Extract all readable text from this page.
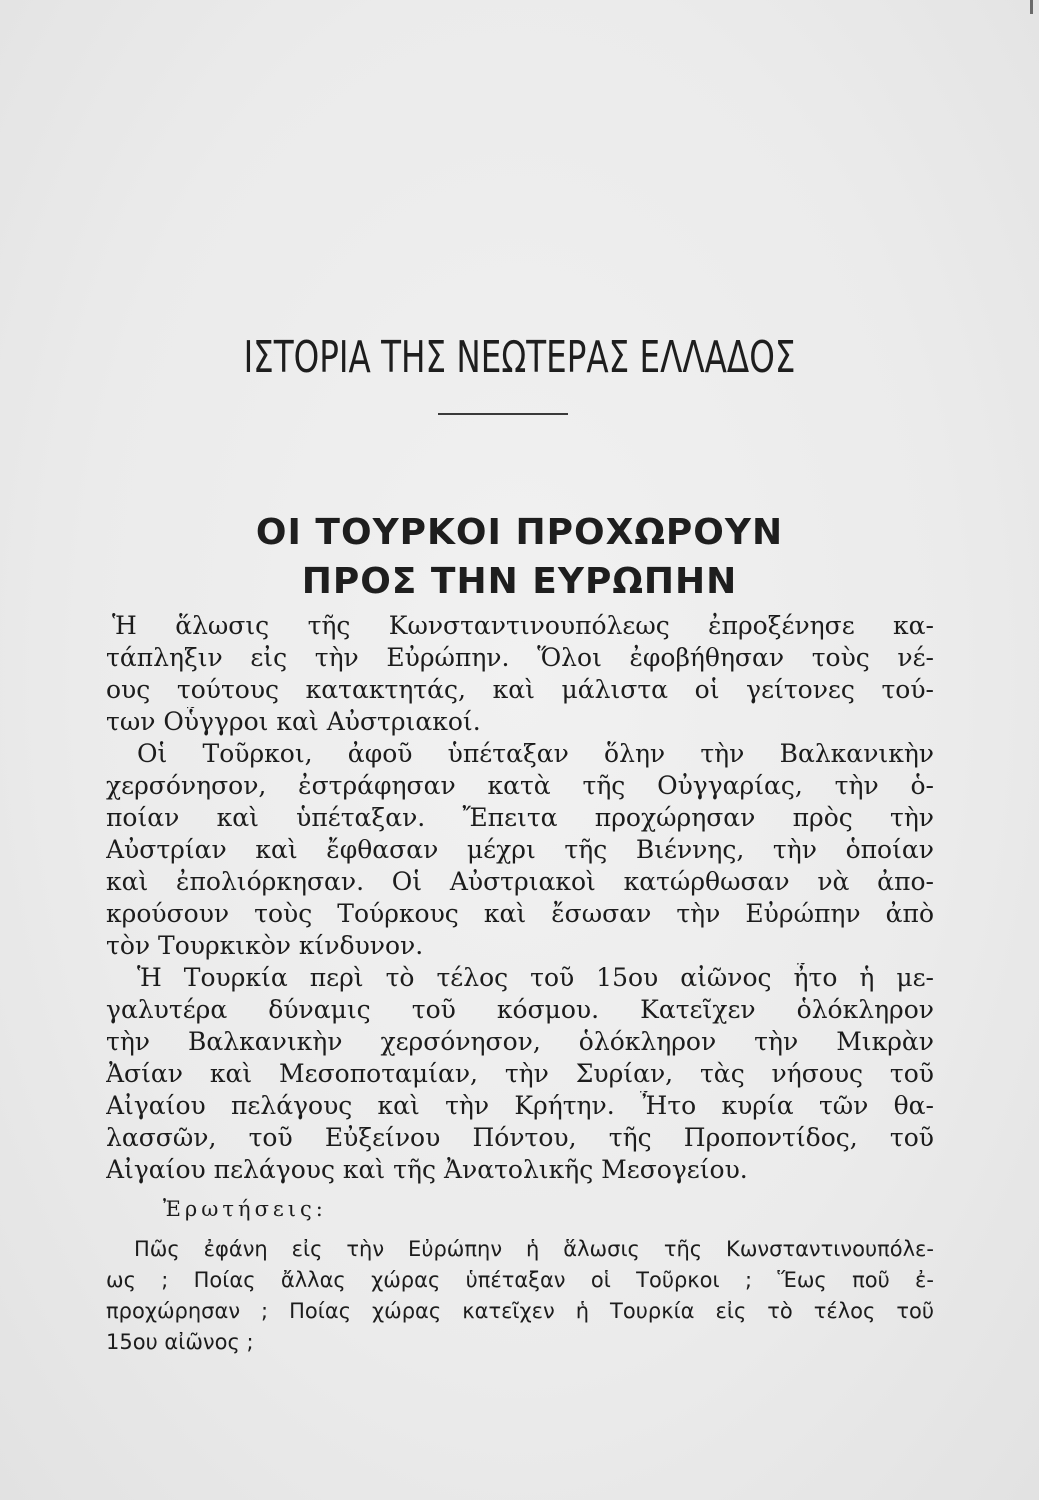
ΙΣΤΟΡΙΑ ΤΗΣ ΝΕΩΤΕΡΑΣ ΕΛΛΑΔΟΣ
ΟΙ ΤΟΥΡΚΟΙ ΠΡΟΧΩΡΟΥΝ
ΠΡΟΣ ΤΗΝ ΕΥΡΩΠΗΝ
Ἡ ἅλωσις τῆς Κωνσταντινουπόλεως ἐπροξένησε κα-
τάπληξιν εἰς τὴν Εὐρώπην. Ὅλοι ἐφοβήθησαν τοὺς νέ-
ους τούτους κατακτητάς, καὶ μάλιστα οἱ γείτονες τού-
των Οὗγγροι καὶ Αὐστριακοί.
Οἱ Τοῦρκοι, ἀφοῦ ὑπέταξαν ὅλην τὴν Βαλκανικὴν
χερσόνησον, ἐστράφησαν κατὰ τῆς Οὐγγαρίας, τὴν ὁ-
ποίαν καὶ ὑπέταξαν. Ἔπειτα προχώρησαν πρὸς τὴν
Αὐστρίαν καὶ ἔφθασαν μέχρι τῆς Βιέννης, τὴν ὁποίαν
καὶ ἐπολιόρκησαν. Οἱ Αὐστριακοὶ κατώρθωσαν νὰ ἀπο-
κρούσουν τοὺς Τούρκους καὶ ἔσωσαν τὴν Εὐρώπην ἀπὸ
τὸν Τουρκικὸν κίνδυνον.
Ἡ Τουρκία περὶ τὸ τέλος τοῦ 15ου αἰῶνος ἦτο ἡ με-
γαλυτέρα δύναμις τοῦ κόσμου. Κατεῖχεν ὁλόκληρον
τὴν Βαλκανικὴν χερσόνησον, ὁλόκληρον τὴν Μικρὰν
Ἀσίαν καὶ Μεσοποταμίαν, τὴν Συρίαν, τὰς νήσους τοῦ
Αἰγαίου πελάγους καὶ τὴν Κρήτην. Ἦτο κυρία τῶν θα-
λασσῶν, τοῦ Εὐξείνου Πόντου, τῆς Προποντίδος, τοῦ
Αἰγαίου πελάγους καὶ τῆς Ἀνατολικῆς Μεσογείου.
Ἐρωτήσεις:
Πῶς ἐφάνη εἰς τὴν Εὐρώπην ἡ ἅλωσις τῆς Κωνσταντινουπόλε-
ως ; Ποίας ἄλλας χώρας ὑπέταξαν οἱ Τοῦρκοι ; Ἕως ποῦ ἐ-
προχώρησαν ; Ποίας χώρας κατεῖχεν ἡ Τουρκία εἰς τὸ τέλος τοῦ
15ου αἰῶνος ;
